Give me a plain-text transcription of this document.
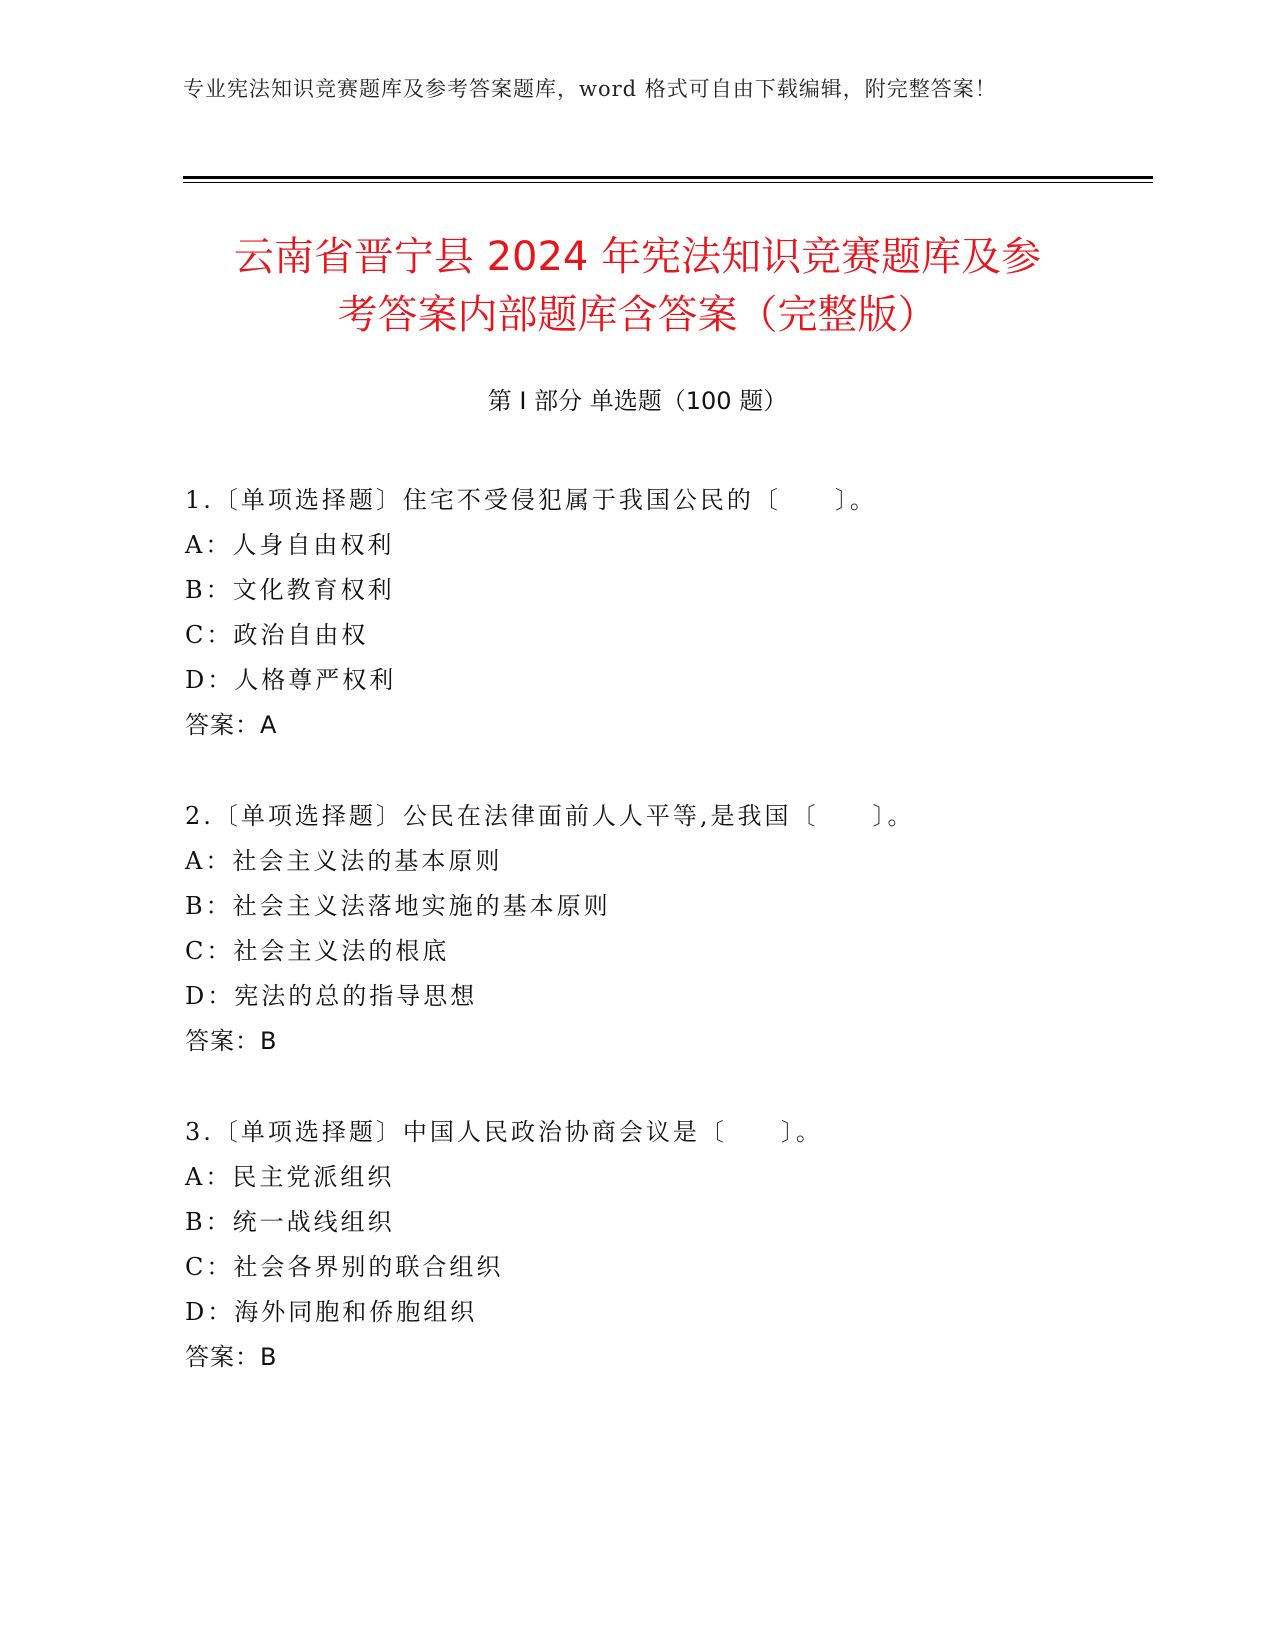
专业宪法知识竞赛题库及参考答案题库，word 格式可自由下载编辑，附完整答案！
云南省晋宁县 2024 年宪法知识竞赛题库及参
考答案内部题库含答案（完整版）
第 I 部分 单选题（100 题）
1.〔单项选择题〕住宅不受侵犯属于我国公民的〔　　〕。
A：人身自由权利
B：文化教育权利
C：政治自由权
D：人格尊严权利
答案：A
2.〔单项选择题〕公民在法律面前人人平等,是我国〔　　〕。
A：社会主义法的基本原则
B：社会主义法落地实施的基本原则
C：社会主义法的根底
D：宪法的总的指导思想
答案：B
3.〔单项选择题〕中国人民政治协商会议是〔　　〕。
A：民主党派组织
B：统一战线组织
C：社会各界别的联合组织
D：海外同胞和侨胞组织
答案：B
